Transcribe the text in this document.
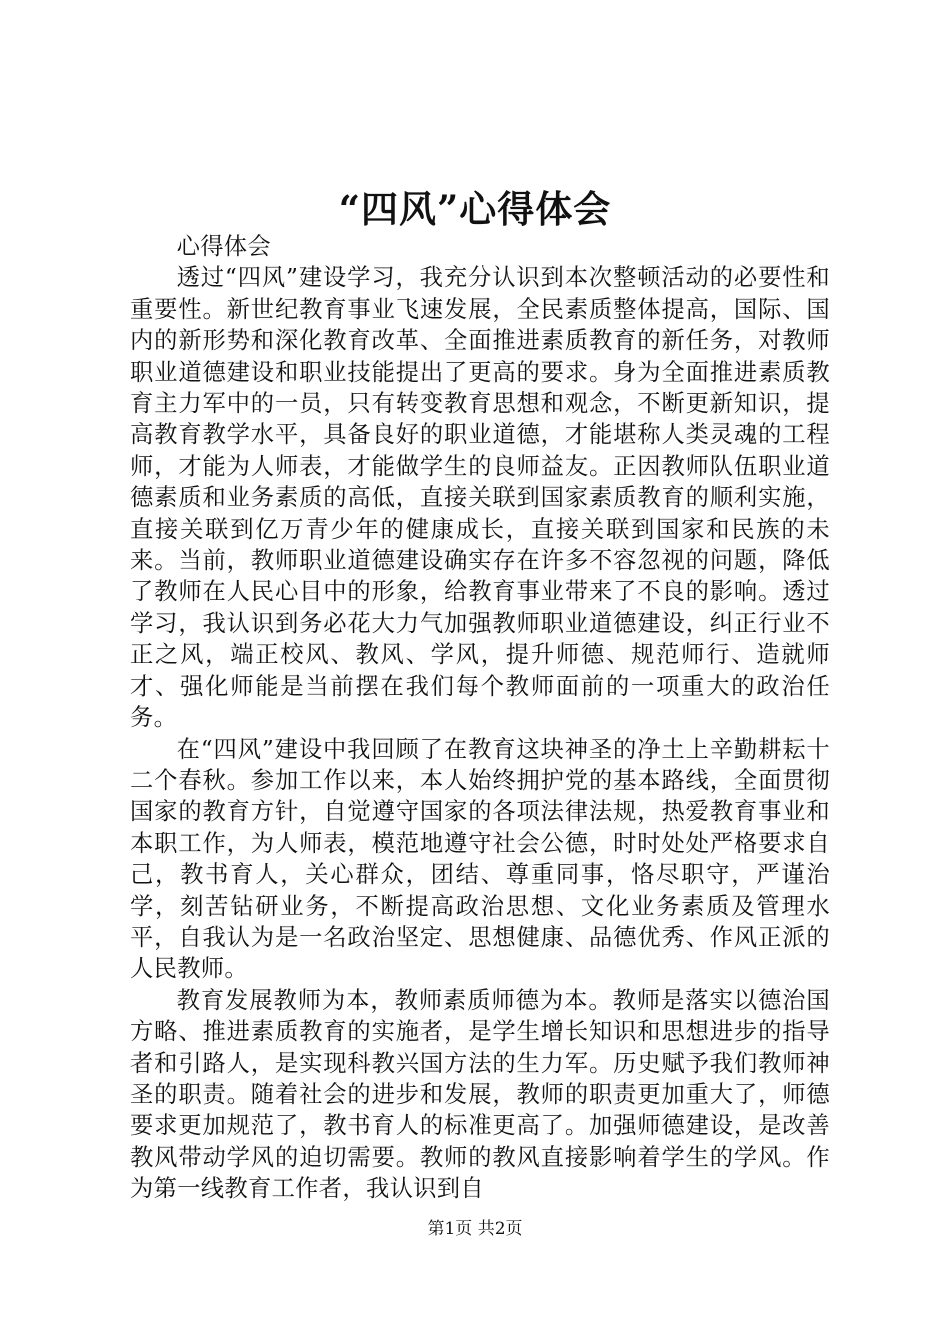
“四风”心得体会

心得体会

透过“四风”建设学习，我充分认识到本次整顿活动的必要性和重要性。新世纪教育事业飞速发展，全民素质整体提高，国际、国内的新形势和深化教育改革、全面推进素质教育的新任务，对教师职业道德建设和职业技能提出了更高的要求。身为全面推进素质教育主力军中的一员，只有转变教育思想和观念，不断更新知识，提高教育教学水平，具备良好的职业道德，才能堪称人类灵魂的工程师，才能为人师表，才能做学生的良师益友。正因教师队伍职业道德素质和业务素质的高低，直接关联到国家素质教育的顺利实施，直接关联到亿万青少年的健康成长，直接关联到国家和民族的未来。当前，教师职业道德建设确实存在许多不容忽视的问题，降低了教师在人民心目中的形象，给教育事业带来了不良的影响。透过学习，我认识到务必花大力气加强教师职业道德建设，纠正行业不正之风，端正校风、教风、学风，提升师德、规范师行、造就师才、强化师能是当前摆在我们每个教师面前的一项重大的政治任务。

在“四风”建设中我回顾了在教育这块神圣的净土上辛勤耕耘十二个春秋。参加工作以来，本人始终拥护党的基本路线，全面贯彻国家的教育方针，自觉遵守国家的各项法律法规，热爱教育事业和本职工作，为人师表，模范地遵守社会公德，时时处处严格要求自己，教书育人，关心群众，团结、尊重同事，恪尽职守，严谨治学，刻苦钻研业务，不断提高政治思想、文化业务素质及管理水平，自我认为是一名政治坚定、思想健康、品德优秀、作风正派的人民教师。

教育发展教师为本，教师素质师德为本。教师是落实以德治国方略、推进素质教育的实施者，是学生增长知识和思想进步的指导者和引路人，是实现科教兴国方法的生力军。历史赋予我们教师神圣的职责。随着社会的进步和发展，教师的职责更加重大了，师德要求更加规范了，教书育人的标准更高了。加强师德建设，是改善教风带动学风的迫切需要。教师的教风直接影响着学生的学风。作为第一线教育工作者，我认识到自

第1页 共2页
